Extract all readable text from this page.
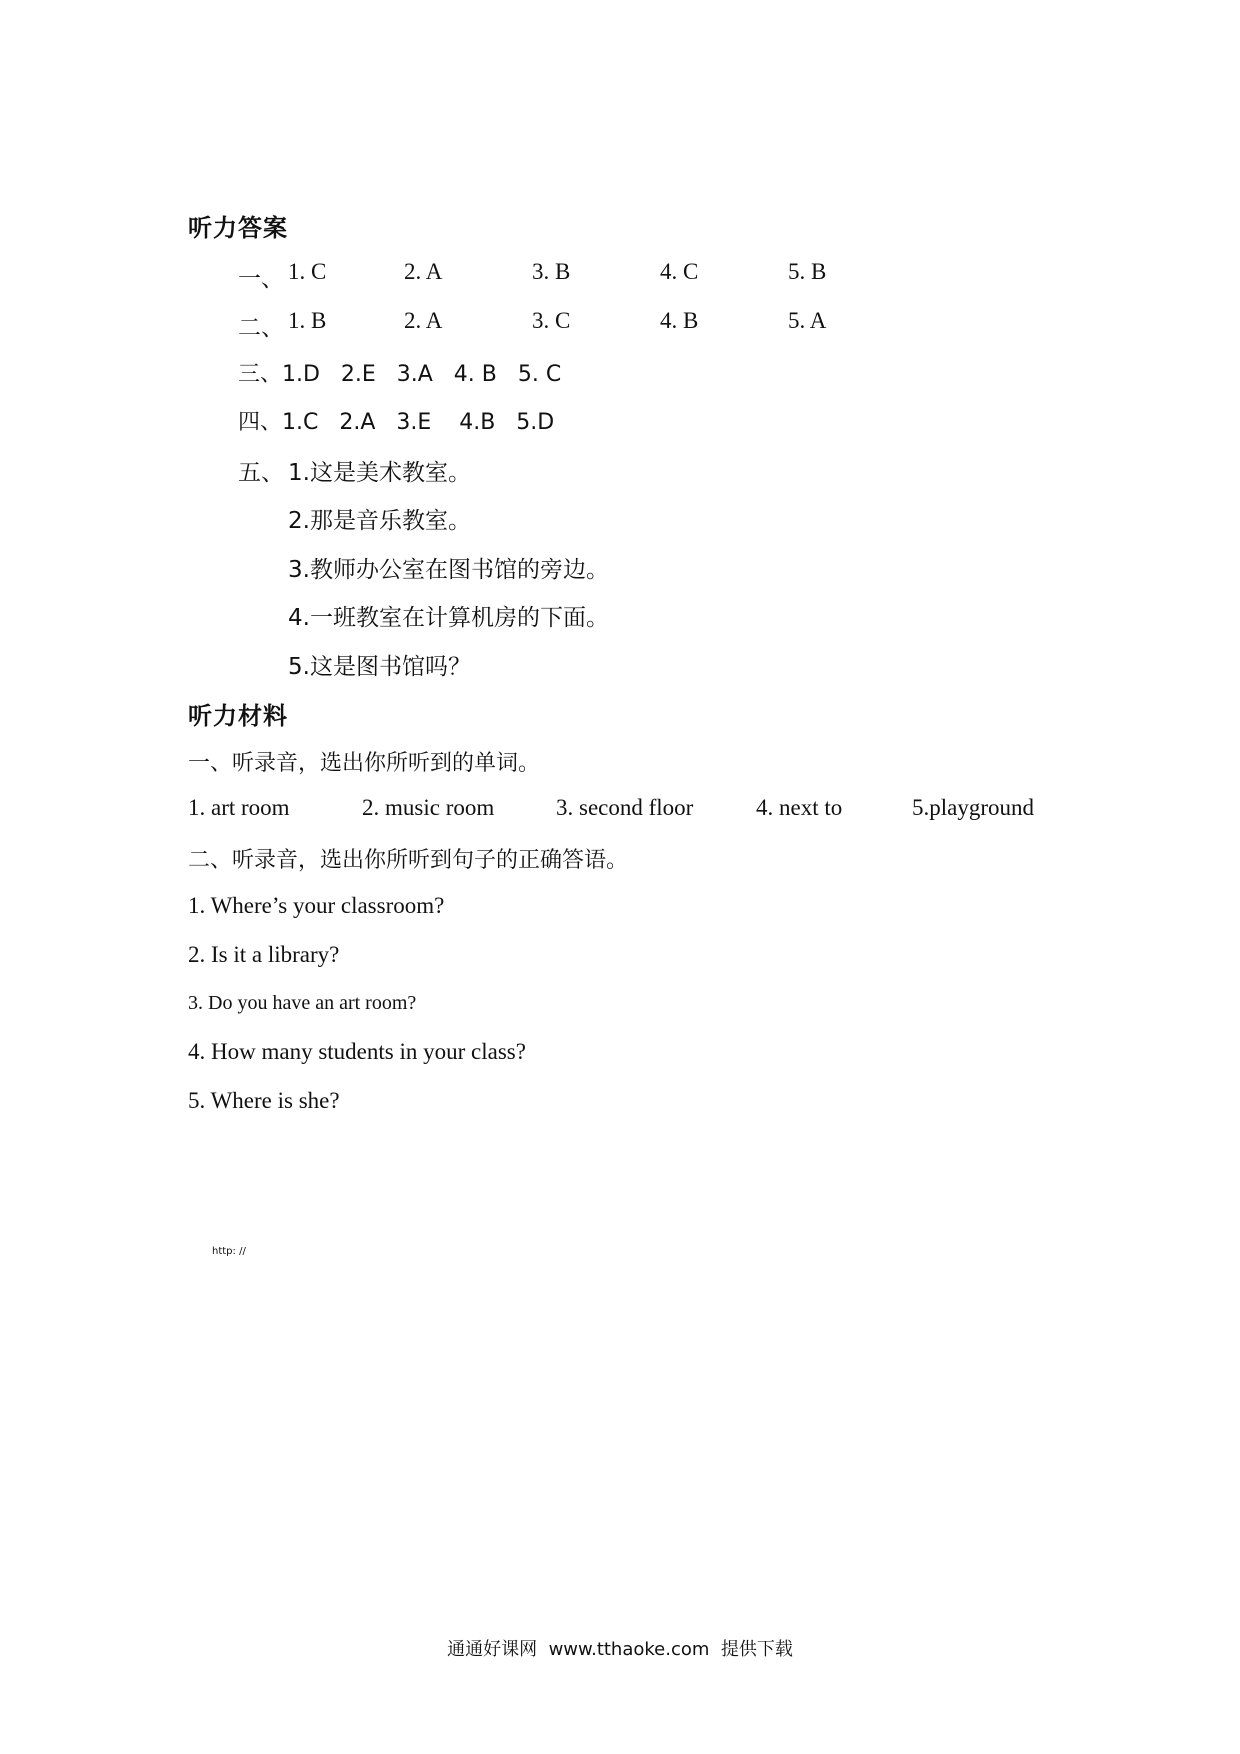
听力答案
一、 1. C	2. A	3. B	4. C	5. B
二、 1. B	2. A	3. C	4. B	5. A
三、1.D   2.E   3.A   4. B   5. C
四、1.C   2.A   3.E    4.B   5.D
五、 1.这是美术教室。
2.那是音乐教室。
3.教师办公室在图书馆的旁边。
4.一班教室在计算机房的下面。
5.这是图书馆吗？
听力材料
一、听录音，选出你所听到的单词。
1. art room	2. music room	3. second floor	4. next to	5.playground
二、听录音，选出你所听到句子的正确答语。
1. Where’s your classroom?
2. Is it a library?
3. Do you have an art room?
4. How many students in your class?
5. Where is she?
http: //
通通好课网  www.tthaoke.com  提供下载
